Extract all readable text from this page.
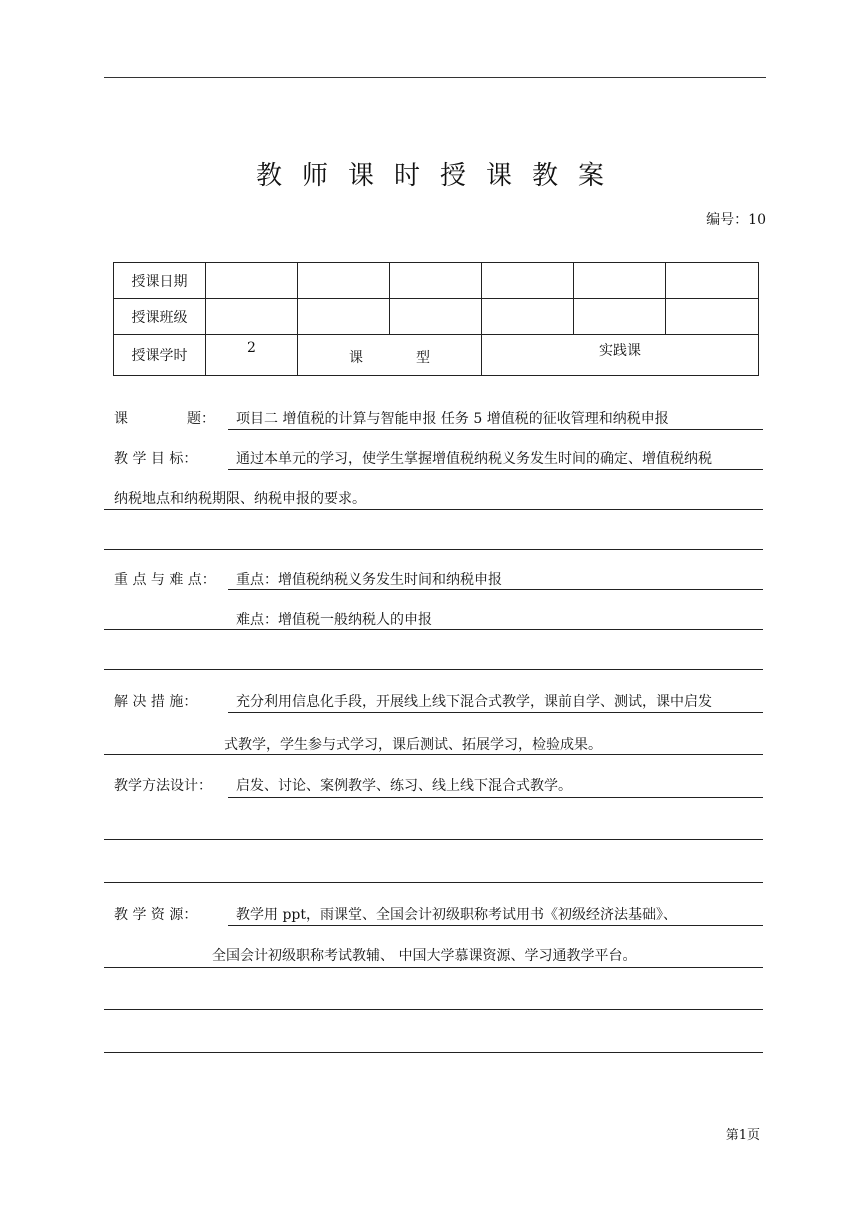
教师课时授课教案
编号：10
授课日期						
授课班级						
授课学时	2	课 型		实践课		
课	题： 项目二 增值税的计算与智能申报 任务 5 增值税的征收管理和纳税申报
教 学 目 标：	通过本单元的学习，使学生掌握增值税纳税义务发生时间的确定、增值税纳税
纳税地点和纳税期限、纳税申报的要求。
重 点 与 难 点： 重点：增值税纳税义务发生时间和纳税申报
难点：增值税一般纳税人的申报
解 决 措 施：	充分利用信息化手段，开展线上线下混合式教学，课前自学、测试，课中启发
式教学，学生参与式学习，课后测试、拓展学习，检验成果。
教学方法设计： 启发、讨论、案例教学、练习、线上线下混合式教学。
教 学 资 源：	教学用 ppt，雨课堂、全国会计初级职称考试用书《初级经济法基础》、
全国会计初级职称考试教辅、 中国大学慕课资源、学习通教学平台。
第1页
